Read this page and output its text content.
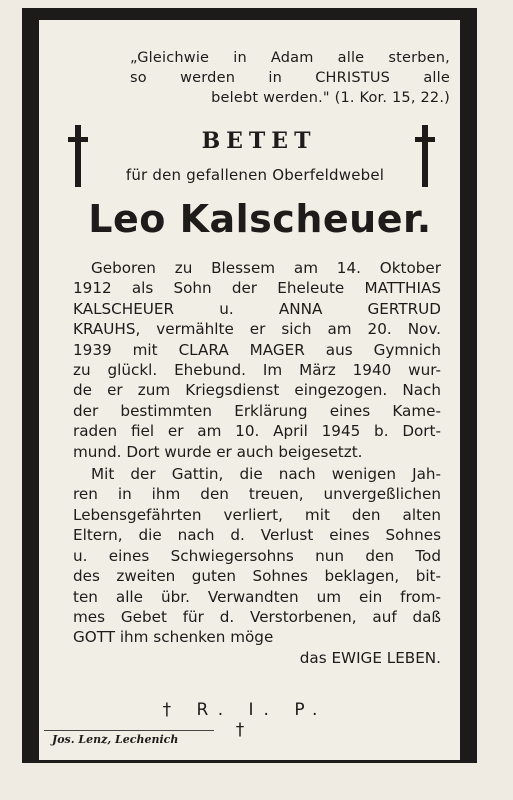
„Gleichwie in Adam alle sterben,
so werden in CHRISTUS alle
belebt werden." (1. Kor. 15, 22.)
BETET
für den gefallenen Oberfeldwebel
Leo Kalscheuer.
Geboren zu Blessem am 14. Oktober
1912 als Sohn der Eheleute MATTHIAS
KALSCHEUER u. ANNA GERTRUD
KRAUHS, vermählte er sich am 20. Nov.
1939 mit CLARA MAGER aus Gymnich
zu glückl. Ehebund. Im März 1940 wur-
de er zum Kriegsdienst eingezogen. Nach
der bestimmten Erklärung eines Kame-
raden fiel er am 10. April 1945 b. Dort-
mund. Dort wurde er auch beigesetzt.
Mit der Gattin, die nach wenigen Jah-
ren in ihm den treuen, unvergeßlichen
Lebensgefährten verliert, mit den alten
Eltern, die nach d. Verlust eines Sohnes
u. eines Schwiegersohns nun den Tod
des zweiten guten Sohnes beklagen, bit-
ten alle übr. Verwandten um ein from-
mes Gebet für d. Verstorbenen, auf daß
GOTT ihm schenken möge
das EWIGE LEBEN.
† R. I. P. †
Jos. Lenz, Lechenich
